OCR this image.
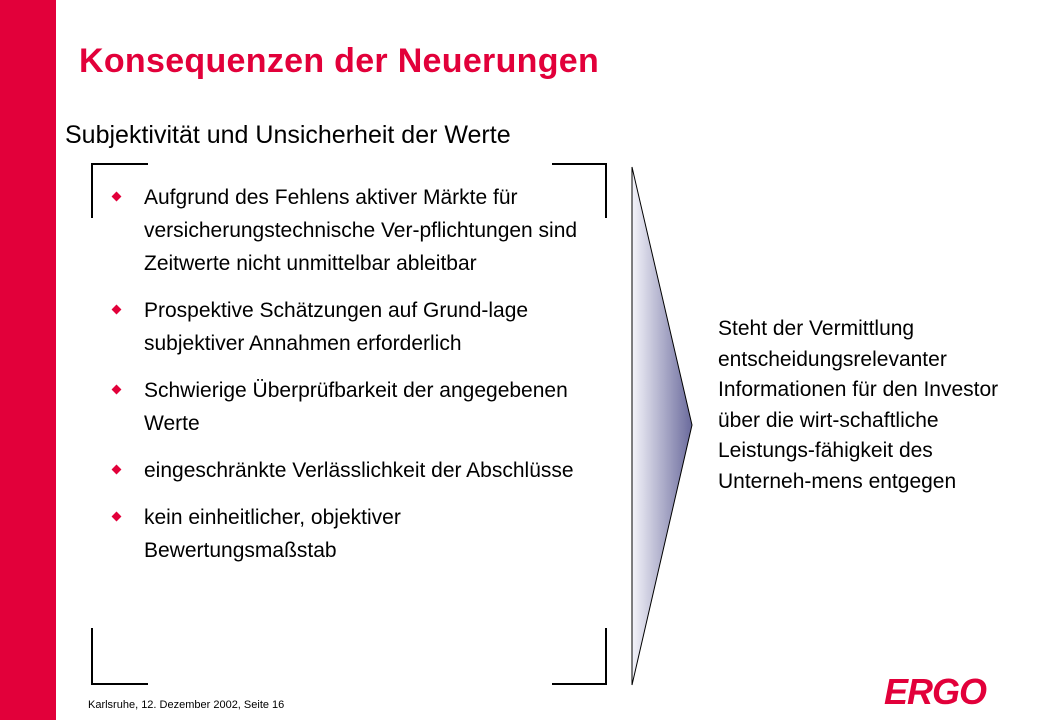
Konsequenzen der Neuerungen
Subjektivität und Unsicherheit der Werte
Aufgrund des Fehlens aktiver Märkte für versicherungstechnische Ver-pflichtungen sind Zeitwerte nicht unmittelbar ableitbar
Prospektive Schätzungen auf Grund-lage subjektiver Annahmen erforderlich
Schwierige Überprüfbarkeit der angegebenen Werte
eingeschränkte Verlässlichkeit der Abschlüsse
kein einheitlicher, objektiver Bewertungsmaßstab

Steht der Vermittlung entscheidungsrelevanter Informationen für den Investor über die wirt-schaftliche Leistungs-fähigkeit des Unterneh-mens entgegen

Karlsruhe, 12. Dezember 2002, Seite 16	ERGO
